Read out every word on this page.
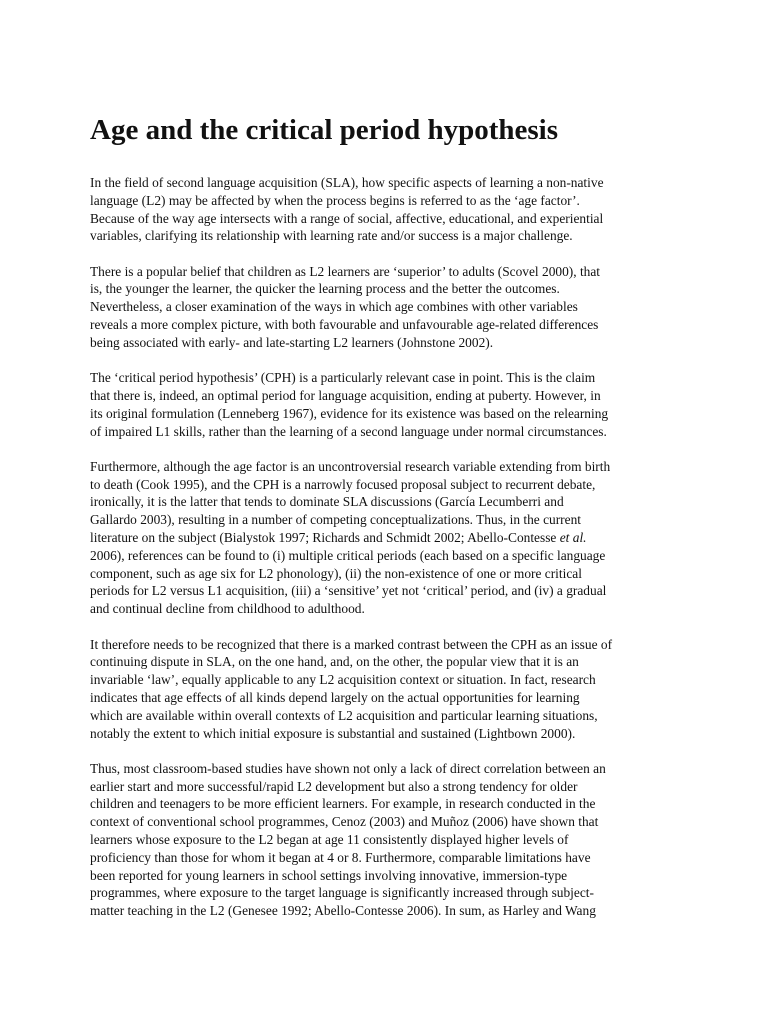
Age and the critical period hypothesis

In the field of second language acquisition (SLA), how specific aspects of learning a non-native
language (L2) may be affected by when the process begins is referred to as the ‘age factor’.
Because of the way age intersects with a range of social, affective, educational, and experiential
variables, clarifying its relationship with learning rate and/or success is a major challenge.

There is a popular belief that children as L2 learners are ‘superior’ to adults (Scovel 2000), that
is, the younger the learner, the quicker the learning process and the better the outcomes.
Nevertheless, a closer examination of the ways in which age combines with other variables
reveals a more complex picture, with both favourable and unfavourable age-related differences
being associated with early- and late-starting L2 learners (Johnstone 2002).

The ‘critical period hypothesis’ (CPH) is a particularly relevant case in point. This is the claim
that there is, indeed, an optimal period for language acquisition, ending at puberty. However, in
its original formulation (Lenneberg 1967), evidence for its existence was based on the relearning
of impaired L1 skills, rather than the learning of a second language under normal circumstances.

Furthermore, although the age factor is an uncontroversial research variable extending from birth
to death (Cook 1995), and the CPH is a narrowly focused proposal subject to recurrent debate,
ironically, it is the latter that tends to dominate SLA discussions (García Lecumberri and
Gallardo 2003), resulting in a number of competing conceptualizations. Thus, in the current
literature on the subject (Bialystok 1997; Richards and Schmidt 2002; Abello-Contesse et al.
2006), references can be found to (i) multiple critical periods (each based on a specific language
component, such as age six for L2 phonology), (ii) the non-existence of one or more critical
periods for L2 versus L1 acquisition, (iii) a ‘sensitive’ yet not ‘critical’ period, and (iv) a gradual
and continual decline from childhood to adulthood.

It therefore needs to be recognized that there is a marked contrast between the CPH as an issue of
continuing dispute in SLA, on the one hand, and, on the other, the popular view that it is an
invariable ‘law’, equally applicable to any L2 acquisition context or situation. In fact, research
indicates that age effects of all kinds depend largely on the actual opportunities for learning
which are available within overall contexts of L2 acquisition and particular learning situations,
notably the extent to which initial exposure is substantial and sustained (Lightbown 2000).

Thus, most classroom-based studies have shown not only a lack of direct correlation between an
earlier start and more successful/rapid L2 development but also a strong tendency for older
children and teenagers to be more efficient learners. For example, in research conducted in the
context of conventional school programmes, Cenoz (2003) and Muñoz (2006) have shown that
learners whose exposure to the L2 began at age 11 consistently displayed higher levels of
proficiency than those for whom it began at 4 or 8. Furthermore, comparable limitations have
been reported for young learners in school settings involving innovative, immersion-type
programmes, where exposure to the target language is significantly increased through subject-
matter teaching in the L2 (Genesee 1992; Abello-Contesse 2006). In sum, as Harley and Wang
